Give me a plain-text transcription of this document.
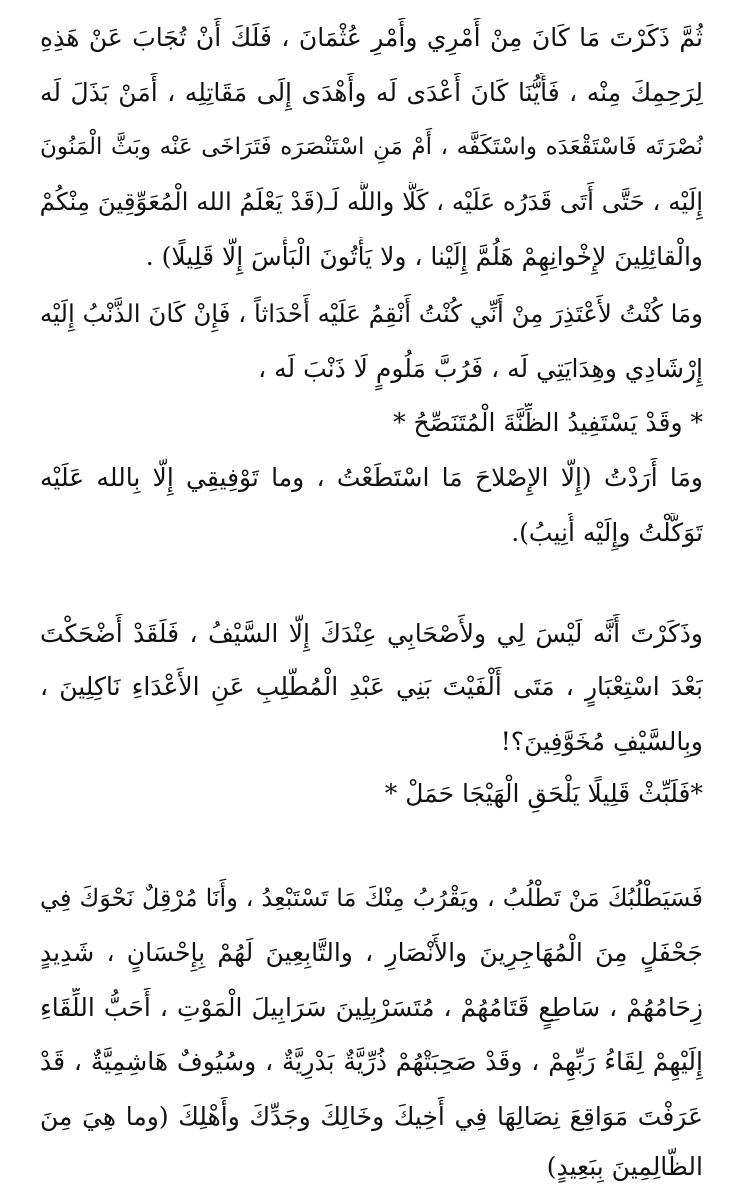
ثُمَّ ذَكَرْتَ مَا كَانَ مِنْ أَمْرِي وأَمْرِ عُثْمَانَ ، فَلَكَ أَنْ تُجَابَ عَنْ هَذِهِ
لِرَحِمِكَ مِنْه ، فَأَيُّنَا كَانَ أَعْدَى لَه وأَهْدَى إِلَى مَقَاتِلِه ، أَمَنْ بَذَلَ لَه
نُصْرَتَه فَاسْتَقْعَدَه واسْتَكَفَّه ، أَمْ مَنِ اسْتَنْصَرَه فَتَرَاخَى عَنْه وبَثَّ الْمَنُونَ
إِلَيْه ، حَتَّى أَتَى قَدَرُه عَلَيْه ، كَلَّا واللَّه لَـ(قَدْ يَعْلَمُ الله الْمُعَوِّقِينَ مِنْكُمْ
والْقائِلِينَ لإِخْوانِهِمْ هَلُمَّ إِلَيْنا ، ولا يَأْتُونَ الْبَأْسَ إِلَّا قَلِيلًا) .
ومَا كُنْتُ لأَعْتَذِرَ مِنْ أَنِّي كُنْتُ أَنْقِمُ عَلَيْه أَحْدَاثاً ، فَإِنْ كَانَ الذَّنْبُ إِلَيْه
إِرْشَادِي وهِدَايَتِي لَه ، فَرُبَّ مَلُومٍ لَا ذَنْبَ لَه ،
* وقَدْ يَسْتَفِيدُ الظِّنَّةَ الْمُتَنَصِّحُ *
ومَا أَرَدْتُ (إِلَّا الإِصْلاحَ مَا اسْتَطَعْتُ ، وما تَوْفِيقِي إِلَّا بِالله عَلَيْه
تَوَكَّلْتُ وإِلَيْه أُنِيبُ).
وذَكَرْتَ أَنَّه لَيْسَ لِي ولأَصْحَابِي عِنْدَكَ إِلَّا السَّيْفُ ، فَلَقَدْ أَضْحَكْتَ
بَعْدَ اسْتِعْبَارٍ ، مَتَى أَلْفَيْتَ بَنِي عَبْدِ الْمُطَّلِبِ عَنِ الأَعْدَاءِ نَاكِلِينَ ،
وبِالسَّيْفِ مُخَوَّفِينَ؟!
*فَلَبِّثْ قَلِيلًا يَلْحَقِ الْهَيْجَا حَمَلْ *
فَسَيَطْلُبُكَ مَنْ تَطْلُبُ ، ويَقْرُبُ مِنْكَ مَا تَسْتَبْعِدُ ، وأَنَا مُرْقِلٌ نَحْوَكَ فِي
جَحْفَلٍ مِنَ الْمُهَاجِرِينَ والأَنْصَارِ ، والتَّابِعِينَ لَهُمْ بِإِحْسَانٍ ، شَدِيدٍ
زِحَامُهُمْ ، سَاطِعٍ قَتَامُهُمْ ، مُتَسَرْبِلِينَ سَرَابِيلَ الْمَوْتِ ، أَحَبُّ اللِّقَاءِ
إِلَيْهِمْ لِقَاءُ رَبِّهِمْ ، وقَدْ صَحِبَتْهُمْ ذُرِّيَّةٌ بَدْرِيَّةٌ ، وسُيُوفٌ هَاشِمِيَّةٌ ، قَدْ
عَرَفْتَ مَوَاقِعَ نِصَالِهَا فِي أَخِيكَ وخَالِكَ وجَدِّكَ وأَهْلِكَ (وما هِيَ مِنَ
الظَّالِمِينَ بِبَعِيدٍ)
